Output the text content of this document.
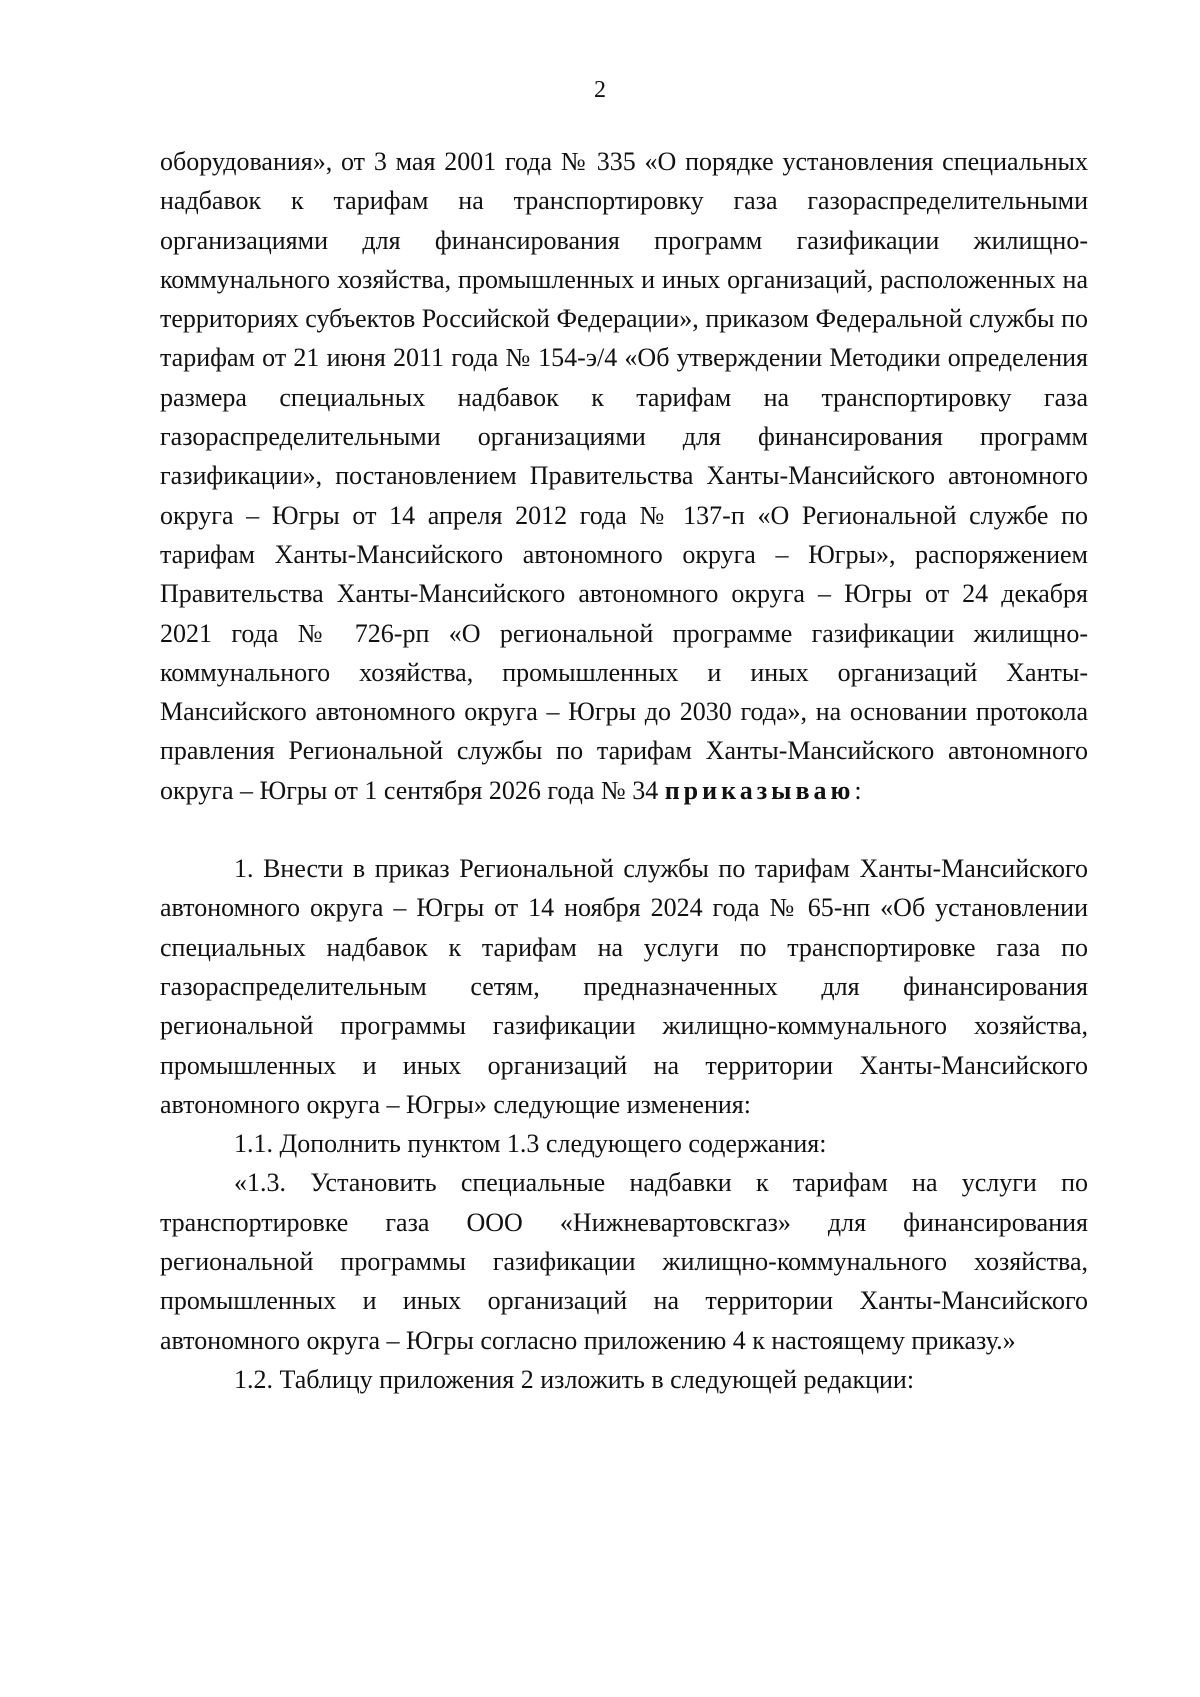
2

оборудования», от 3 мая 2001 года № 335 «О порядке установления специальных надбавок к тарифам на транспортировку газа газораспределительными организациями для финансирования программ газификации жилищно-коммунального хозяйства, промышленных и иных организаций, расположенных на территориях субъектов Российской Федерации», приказом Федеральной службы по тарифам от 21 июня 2011 года № 154-э/4 «Об утверждении Методики определения размера специальных надбавок к тарифам на транспортировку газа газораспределительными организациями для финансирования программ газификации», постановлением Правительства Ханты-Мансийского автономного округа – Югры от 14 апреля 2012 года № 137-п «О Региональной службе по тарифам Ханты-Мансийского автономного округа – Югры», распоряжением Правительства Ханты-Мансийского автономного округа – Югры от 24 декабря 2021 года № 726-рп «О региональной программе газификации жилищно-коммунального хозяйства, промышленных и иных организаций Ханты-Мансийского автономного округа – Югры до 2030 года», на основании протокола правления Региональной службы по тарифам Ханты-Мансийского автономного округа – Югры от 1 сентября 2026 года № 34 приказываю:

1. Внести в приказ Региональной службы по тарифам Ханты-Мансийского автономного округа – Югры от 14 ноября 2024 года № 65-нп «Об установлении специальных надбавок к тарифам на услуги по транспортировке газа по газораспределительным сетям, предназначенных для финансирования региональной программы газификации жилищно-коммунального хозяйства, промышленных и иных организаций на территории Ханты-Мансийского автономного округа – Югры» следующие изменения:

1.1. Дополнить пунктом 1.3 следующего содержания:

«1.3. Установить специальные надбавки к тарифам на услуги по транспортировке газа ООО «Нижневартовскгаз» для финансирования региональной программы газификации жилищно-коммунального хозяйства, промышленных и иных организаций на территории Ханты-Мансийского автономного округа – Югры согласно приложению 4 к настоящему приказу.»

1.2. Таблицу приложения 2 изложить в следующей редакции:
